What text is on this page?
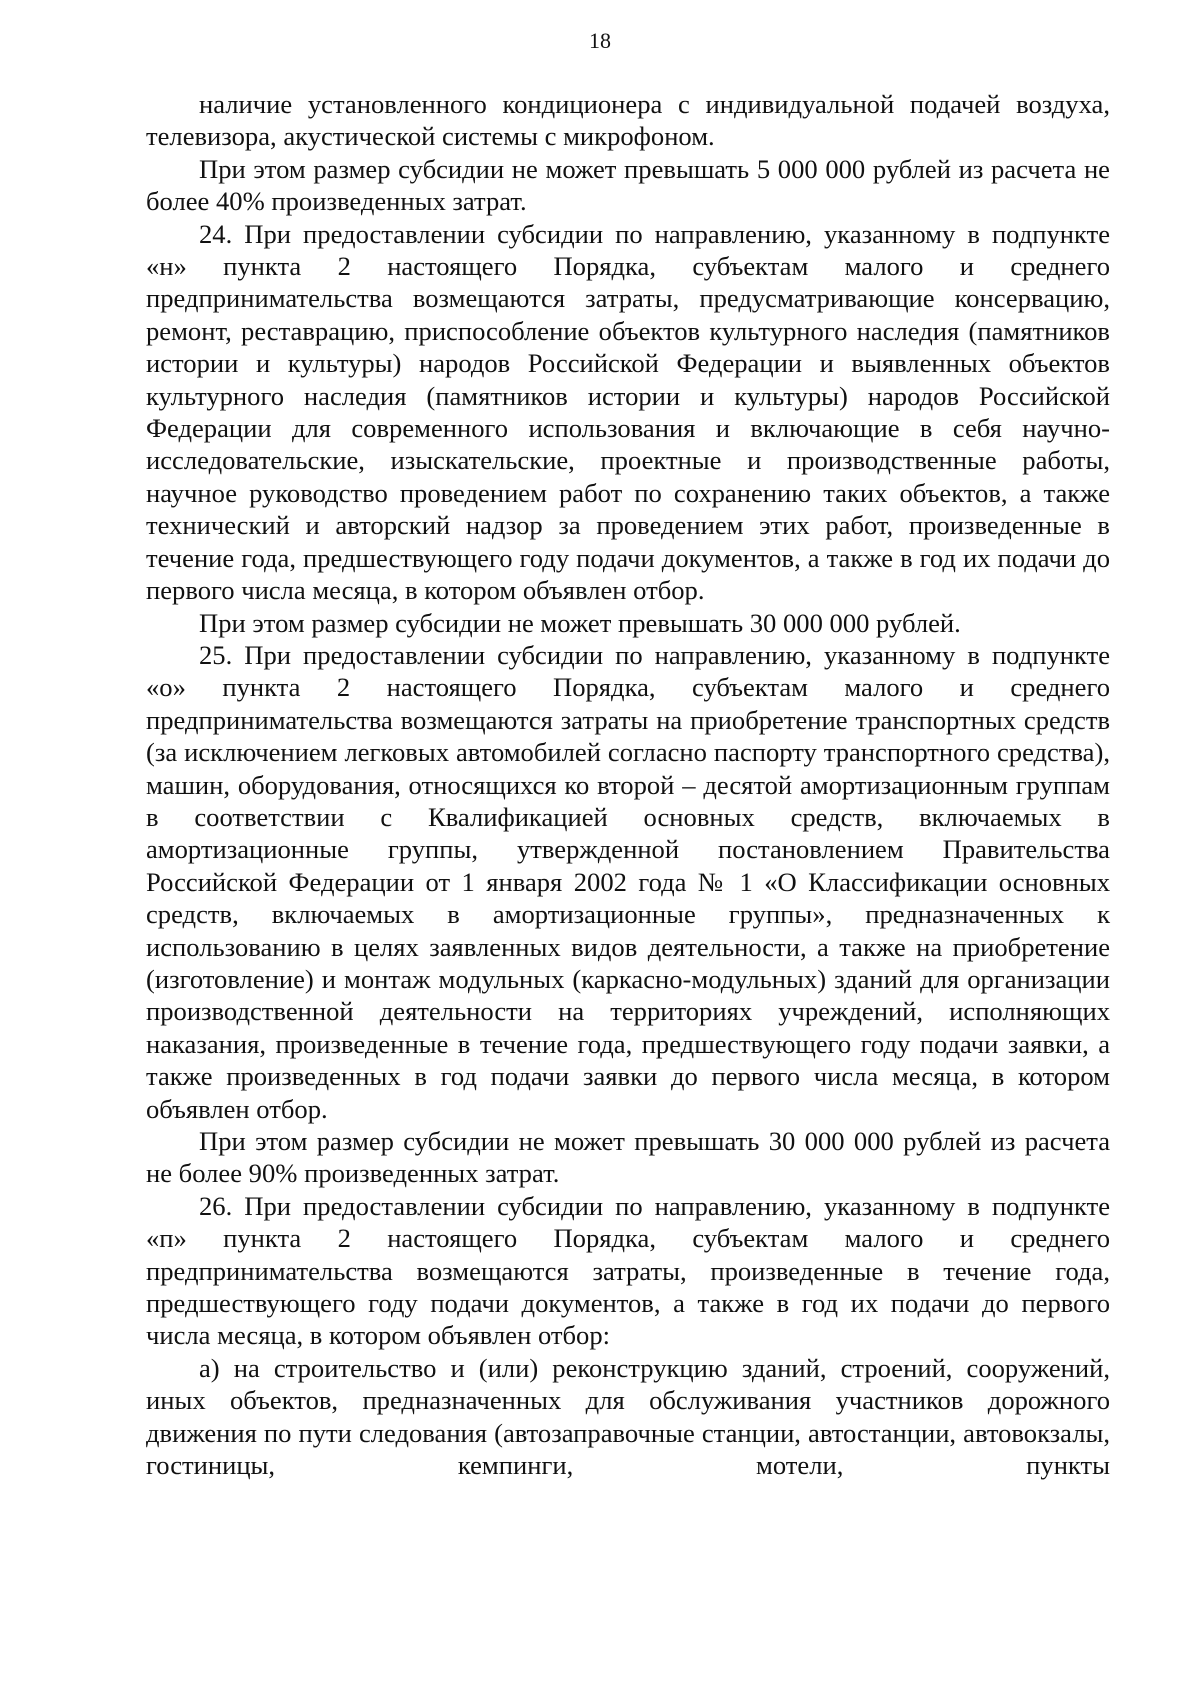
18

наличие установленного кондиционера с индивидуальной подачей воздуха, телевизора, акустической системы с микрофоном.

При этом размер субсидии не может превышать 5 000 000 рублей из расчета не более 40% произведенных затрат.

24. При предоставлении субсидии по направлению, указанному в подпункте «н» пункта 2 настоящего Порядка, субъектам малого и среднего предпринимательства возмещаются затраты, предусматривающие консервацию, ремонт, реставрацию, приспособление объектов культурного наследия (памятников истории и культуры) народов Российской Федерации и выявленных объектов культурного наследия (памятников истории и культуры) народов Российской Федерации для современного использования и включающие в себя научно-исследовательские, изыскательские, проектные и производственные работы, научное руководство проведением работ по сохранению таких объектов, а также технический и авторский надзор за проведением этих работ, произведенные в течение года, предшествующего году подачи документов, а также в год их подачи до первого числа месяца, в котором объявлен отбор.

При этом размер субсидии не может превышать 30 000 000 рублей.

25. При предоставлении субсидии по направлению, указанному в подпункте «о» пункта 2 настоящего Порядка, субъектам малого и среднего предпринимательства возмещаются затраты на приобретение транспортных средств (за исключением легковых автомобилей согласно паспорту транспортного средства), машин, оборудования, относящихся ко второй – десятой амортизационным группам в соответствии с Квалификацией основных средств, включаемых в амортизационные группы, утвержденной постановлением Правительства Российской Федерации от 1 января 2002 года № 1 «О Классификации основных средств, включаемых в амортизационные группы», предназначенных к использованию в целях заявленных видов деятельности, а также на приобретение (изготовление) и монтаж модульных (каркасно-модульных) зданий для организации производственной деятельности на территориях учреждений, исполняющих наказания, произведенные в течение года, предшествующего году подачи заявки, а также произведенных в год подачи заявки до первого числа месяца, в котором объявлен отбор.

При этом размер субсидии не может превышать 30 000 000 рублей из расчета не более 90% произведенных затрат.

26. При предоставлении субсидии по направлению, указанному в подпункте «п» пункта 2 настоящего Порядка, субъектам малого и среднего предпринимательства возмещаются затраты, произведенные в течение года, предшествующего году подачи документов, а также в год их подачи до первого числа месяца, в котором объявлен отбор:

а) на строительство и (или) реконструкцию зданий, строений, сооружений, иных объектов, предназначенных для обслуживания участников дорожного движения по пути следования (автозаправочные станции, автостанции, автовокзалы, гостиницы, кемпинги, мотели, пункты
